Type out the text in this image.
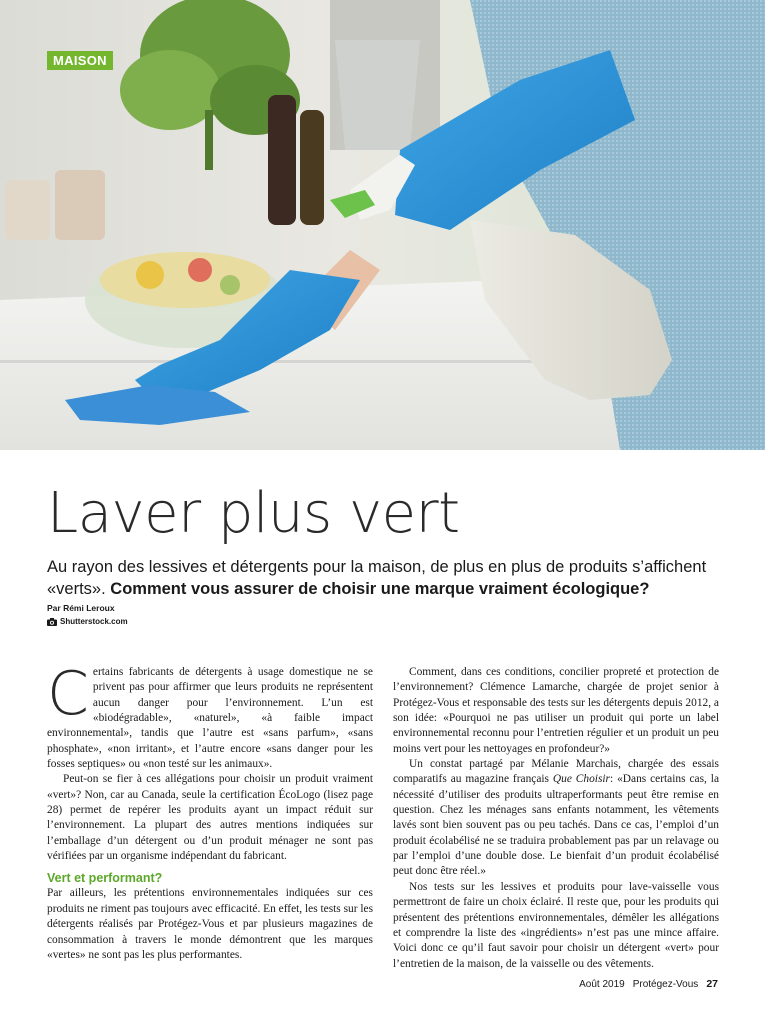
MAISON
Laver plus vert

Au rayon des lessives et détergents pour la maison, de plus en plus de produits s’affichent «verts». Comment vous assurer de choisir une marque vraiment écologique?

Par Rémi Leroux
Shutterstock.com

Certains fabricants de détergents à usage domestique ne se privent pas pour affirmer que leurs produits ne représentent aucun danger pour l’environnement. L’un est «biodégradable», «naturel», «à faible impact environnemental», tandis que l’autre est «sans parfum», «sans phosphate», «non irritant», et l’autre encore «sans danger pour les fosses septiques» ou «non testé sur les animaux».

Peut-on se fier à ces allégations pour choisir un produit vraiment «vert»? Non, car au Canada, seule la certification ÉcoLogo (lisez page 28) permet de repérer les produits ayant un impact réduit sur l’environnement. La plupart des autres mentions indiquées sur l’emballage d’un détergent ou d’un produit ménager ne sont pas vérifiées par un organisme indépendant du fabricant.

Vert et performant?

Par ailleurs, les prétentions environnementales indiquées sur ces produits ne riment pas toujours avec efficacité. En effet, les tests sur les détergents réalisés par Protégez-Vous et par plusieurs magazines de consommation à travers le monde démontrent que les marques «vertes» ne sont pas les plus performantes.

Comment, dans ces conditions, concilier propreté et protection de l’environnement? Clémence Lamarche, chargée de projet senior à Protégez-Vous et responsable des tests sur les détergents depuis 2012, a son idée: «Pourquoi ne pas utiliser un produit qui porte un label environnemental reconnu pour l’entretien régulier et un produit un peu moins vert pour les nettoyages en profondeur?»

Un constat partagé par Mélanie Marchais, chargée des essais comparatifs au magazine français Que Choisir: «Dans certains cas, la nécessité d’utiliser des produits ultraperformants peut être remise en question. Chez les ménages sans enfants notamment, les vêtements lavés sont bien souvent pas ou peu tachés. Dans ce cas, l’emploi d’un produit écolabélisé ne se traduira probablement pas par un relavage ou par l’emploi d’une double dose. Le bienfait d’un produit écolabélisé peut donc être réel.»

Nos tests sur les lessives et produits pour lave-vaisselle vous permettront de faire un choix éclairé. Il reste que, pour les produits qui présentent des prétentions environnementales, démêler les allégations et comprendre la liste des «ingrédients» n’est pas une mince affaire. Voici donc ce qu’il faut savoir pour choisir un détergent «vert» pour l’entretien de la maison, de la vaisselle ou des vêtements.

Août 2019 Protégez-Vous 27
